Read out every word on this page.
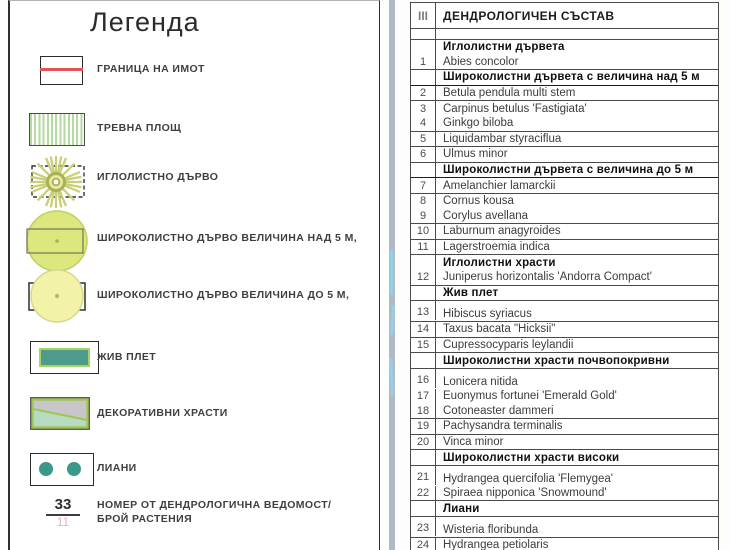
Легенда
ГРАНИЦА НА ИМОТ
ТРЕВНА ПЛОЩ
ИГЛОЛИСТНО ДЪРВО
ШИРОКОЛИСТНО ДЪРВО ВЕЛИЧИНА НАД 5 М,
ШИРОКОЛИСТНО ДЪРВО ВЕЛИЧИНА ДО 5 М,
ЖИВ ПЛЕТ
ДЕКОРАТИВНИ ХРАСТИ
ЛИАНИ
33
11
НОМЕР ОТ ДЕНДРОЛОГИЧНА ВЕДОМОСТ/
БРОЙ РАСТЕНИЯ
III	ДЕНДРОЛОГИЧЕН СЪСТАВ
Иглолистни дървета
1	Abies concolor
Широколистни дървета с величина над 5 м
2	Betula pendula multi stem
3	Carpinus betulus 'Fastigiata'
4	Ginkgo biloba
5	Liquidambar styraciflua
6	Ulmus minor
Широколистни дървета с величина до 5 м
7	Amelanchier lamarckii
8	Cornus kousa
9	Corylus avellana
10	Laburnum anagyroides
11	Lagerstroemia indica
Иглолистни храсти
12	Juniperus horizontalis 'Andorra Compact'
Жив плет
13	Hibiscus syriacus
14	Taxus bacata "Hicksii"
15	Cupressocyparis leylandii
Широколистни храсти почвопокривни
16	Lonicera nitida
17	Euonymus fortunei 'Emerald Gold'
18	Cotoneaster dammeri
19	Pachysandra terminalis
20	Vinca minor
Широколистни храсти високи
21	Hydrangea quercifolia 'Flemygea'
22	Spiraea nipponica 'Snowmound'
Лиани
23	Wisteria floribunda
24	Hydrangea petiolaris
